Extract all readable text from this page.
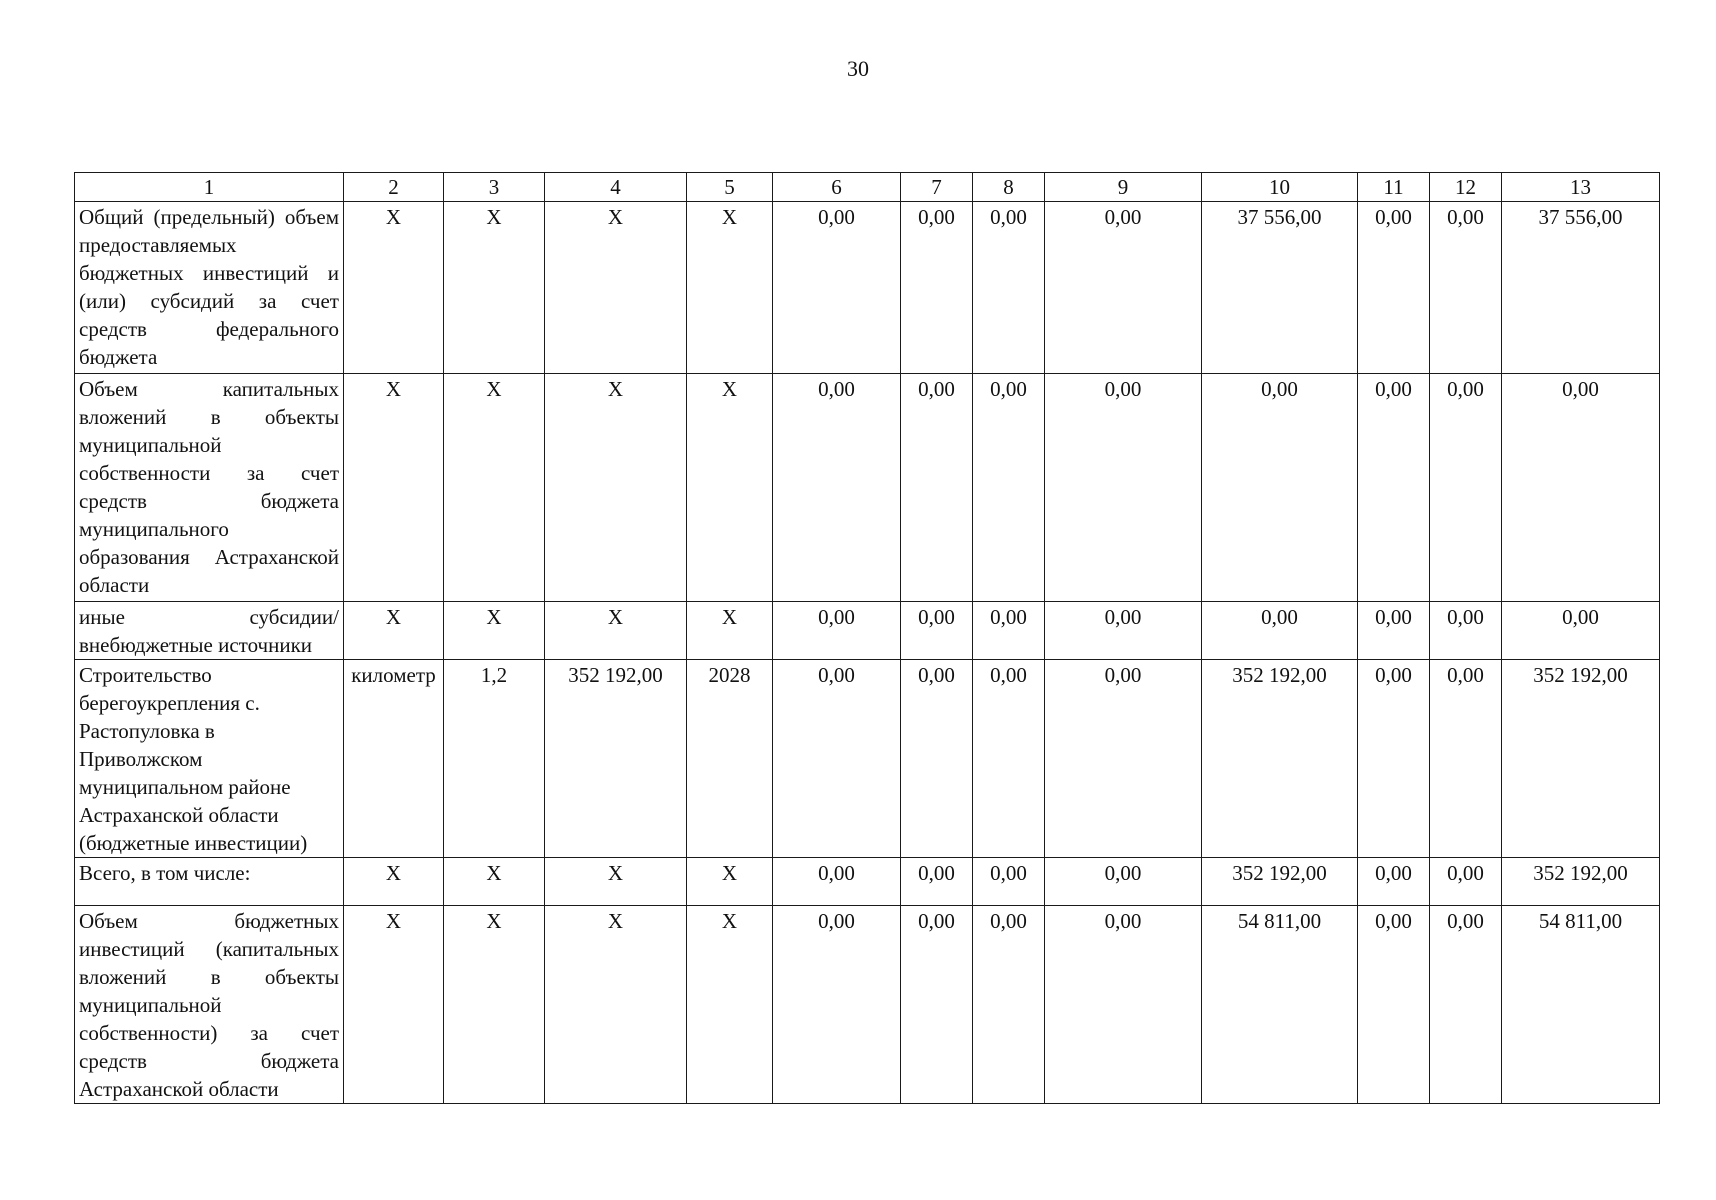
30
1	2	3	4	5	6	7	8	9	10	11	12	13
Общий (предельный) объем предоставляемых бюджетных инвестиций и (или) субсидий за счет средств федерального бюджета	Х	Х	Х	Х	0,00	0,00	0,00	0,00	37 556,00	0,00	0,00	37 556,00
Объем капитальных вложений в объекты муниципальной собственности за счет средств бюджета муниципального образования Астраханской области	Х	Х	Х	Х	0,00	0,00	0,00	0,00	0,00	0,00	0,00	0,00
иные субсидии/ внебюджетные источники	Х	Х	Х	Х	0,00	0,00	0,00	0,00	0,00	0,00	0,00	0,00
Строительство берегоукрепления с. Растопуловка в Приволжском муниципальном районе Астраханской области (бюджетные инвестиции)	километр	1,2	352 192,00	2028	0,00	0,00	0,00	0,00	352 192,00	0,00	0,00	352 192,00
Всего, в том числе:	Х	Х	Х	Х	0,00	0,00	0,00	0,00	352 192,00	0,00	0,00	352 192,00
Объем бюджетных инвестиций (капитальных вложений в объекты муниципальной собственности) за счет средств бюджета Астраханской области	Х	Х	Х	Х	0,00	0,00	0,00	0,00	54 811,00	0,00	0,00	54 811,00
